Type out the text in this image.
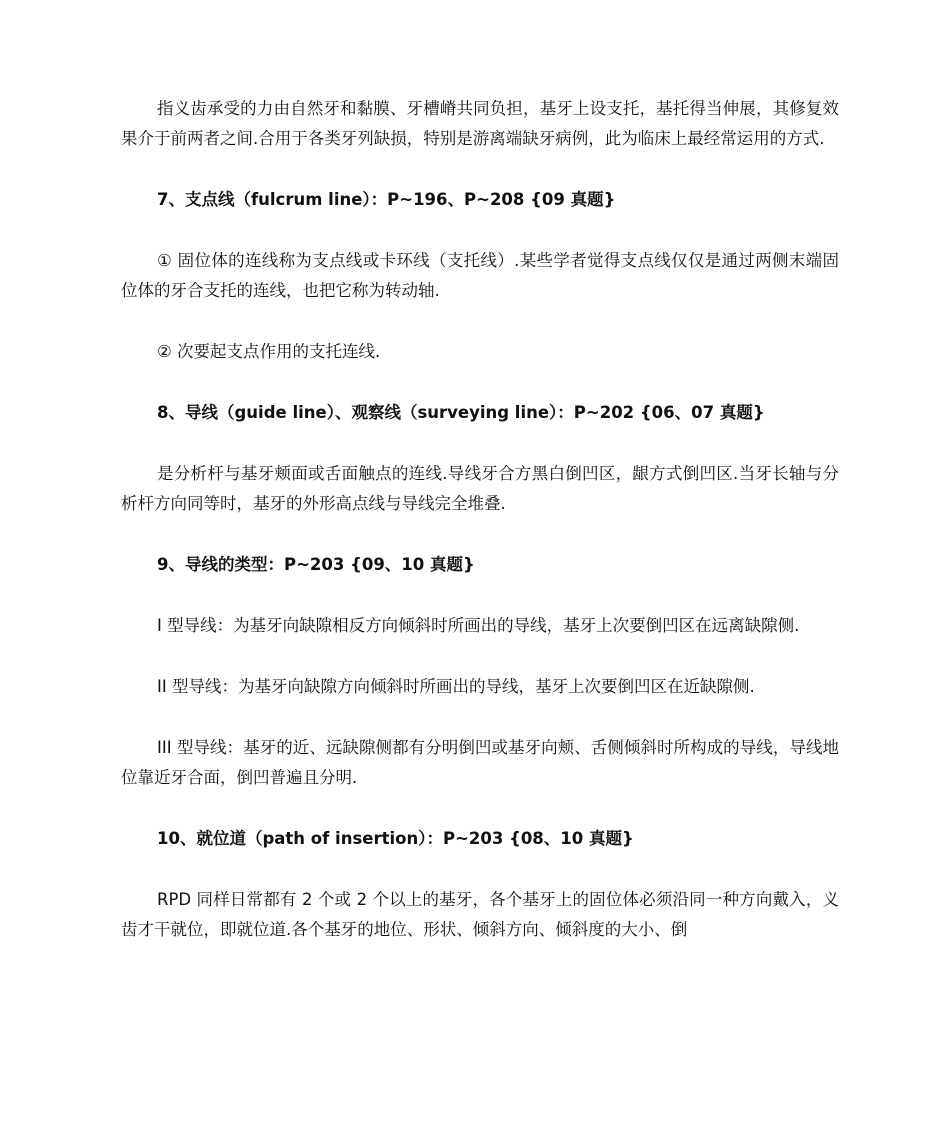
指义齿承受的力由自然牙和黏膜、牙槽嵴共同负担，基牙上设支托，基托得当伸展，其修复效果介于前两者之间.合用于各类牙列缺损，特别是游离端缺牙病例，此为临床上最经常运用的方式.

7、支点线（fulcrum line）：P~196、P~208 {09 真题}

① 固位体的连线称为支点线或卡环线（支托线）.某些学者觉得支点线仅仅是通过两侧末端固位体的牙合支托的连线，也把它称为转动轴.

② 次要起支点作用的支托连线.

8、导线（guide line）、观察线（surveying line）：P~202 {06、07 真题}

是分析杆与基牙颊面或舌面触点的连线.导线牙合方黑白倒凹区，龈方式倒凹区.当牙长轴与分析杆方向同等时，基牙的外形高点线与导线完全堆叠.

9、导线的类型：P~203 {09、10 真题}

I 型导线：为基牙向缺隙相反方向倾斜时所画出的导线，基牙上次要倒凹区在远离缺隙侧.

II 型导线：为基牙向缺隙方向倾斜时所画出的导线，基牙上次要倒凹区在近缺隙侧.

III 型导线：基牙的近、远缺隙侧都有分明倒凹或基牙向颊、舌侧倾斜时所构成的导线，导线地位靠近牙合面，倒凹普遍且分明.

10、就位道（path of insertion）：P~203 {08、10 真题}

RPD 同样日常都有 2 个或 2 个以上的基牙，各个基牙上的固位体必须沿同一种方向戴入，义齿才干就位，即就位道.各个基牙的地位、形状、倾斜方向、倾斜度的大小、倒
